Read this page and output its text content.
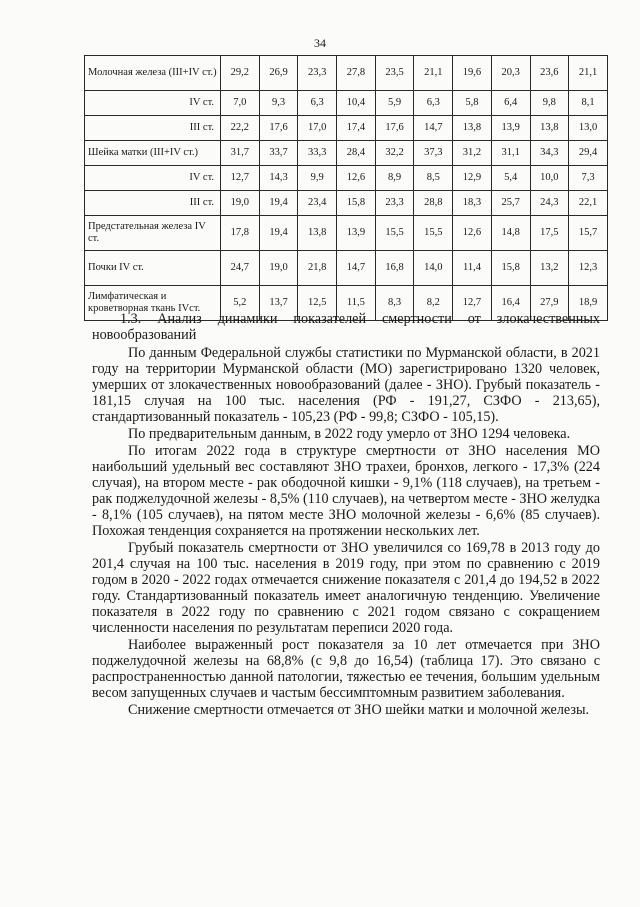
34
Молочная железа (III+IV ст.)	29,2	26,9	23,3	27,8	23,5	21,1	19,6	20,3	23,6	21,1
IV ст.	7,0	9,3	6,3	10,4	5,9	6,3	5,8	6,4	9,8	8,1
III ст.	22,2	17,6	17,0	17,4	17,6	14,7	13,8	13,9	13,8	13,0
Шейка матки (III+IV ст.)	31,7	33,7	33,3	28,4	32,2	37,3	31,2	31,1	34,3	29,4
IV ст.	12,7	14,3	9,9	12,6	8,9	8,5	12,9	5,4	10,0	7,3
III ст.	19,0	19,4	23,4	15,8	23,3	28,8	18,3	25,7	24,3	22,1
Предстательная железа IV ст.	17,8	19,4	13,8	13,9	15,5	15,5	12,6	14,8	17,5	15,7
Почки IV ст.	24,7	19,0	21,8	14,7	16,8	14,0	11,4	15,8	13,2	12,3
Лимфатическая и кроветворная ткань IVст.	5,2	13,7	12,5	11,5	8,3	8,2	12,7	16,4	27,9	18,9

1.3. Анализ динамики показателей смертности от злокачественных новообразований

По данным Федеральной службы статистики по Мурманской области, в 2021 году на территории Мурманской области (МО) зарегистрировано 1320 человек, умерших от злокачественных новообразований (далее - ЗНО). Грубый показатель - 181,15 случая на 100 тыс. населения (РФ - 191,27, СЗФО - 213,65), стандартизованный показатель - 105,23 (РФ - 99,8; СЗФО - 105,15).

По предварительным данным, в 2022 году умерло от ЗНО 1294 человека.

По итогам 2022 года в структуре смертности от ЗНО населения МО наибольший удельный вес составляют ЗНО трахеи, бронхов, легкого - 17,3% (224 случая), на втором месте - рак ободочной кишки - 9,1% (118 случаев), на третьем - рак поджелудочной железы - 8,5% (110 случаев), на четвертом месте - ЗНО желудка - 8,1% (105 случаев), на пятом месте ЗНО молочной железы - 6,6% (85 случаев). Похожая тенденция сохраняется на протяжении нескольких лет.

Грубый показатель смертности от ЗНО увеличился со 169,78 в 2013 году до 201,4 случая на 100 тыс. населения в 2019 году, при этом по сравнению с 2019 годом в 2020 - 2022 годах отмечается снижение показателя с 201,4 до 194,52 в 2022 году. Стандартизованный показатель имеет аналогичную тенденцию. Увеличение показателя в 2022 году по сравнению с 2021 годом связано с сокращением численности населения по результатам переписи 2020 года.

Наиболее выраженный рост показателя за 10 лет отмечается при ЗНО поджелудочной железы на 68,8% (с 9,8 до 16,54) (таблица 17). Это связано с распространенностью данной патологии, тяжестью ее течения, большим удельным весом запущенных случаев и частым бессимптомным развитием заболевания.

Снижение смертности отмечается от ЗНО шейки матки и молочной железы.
